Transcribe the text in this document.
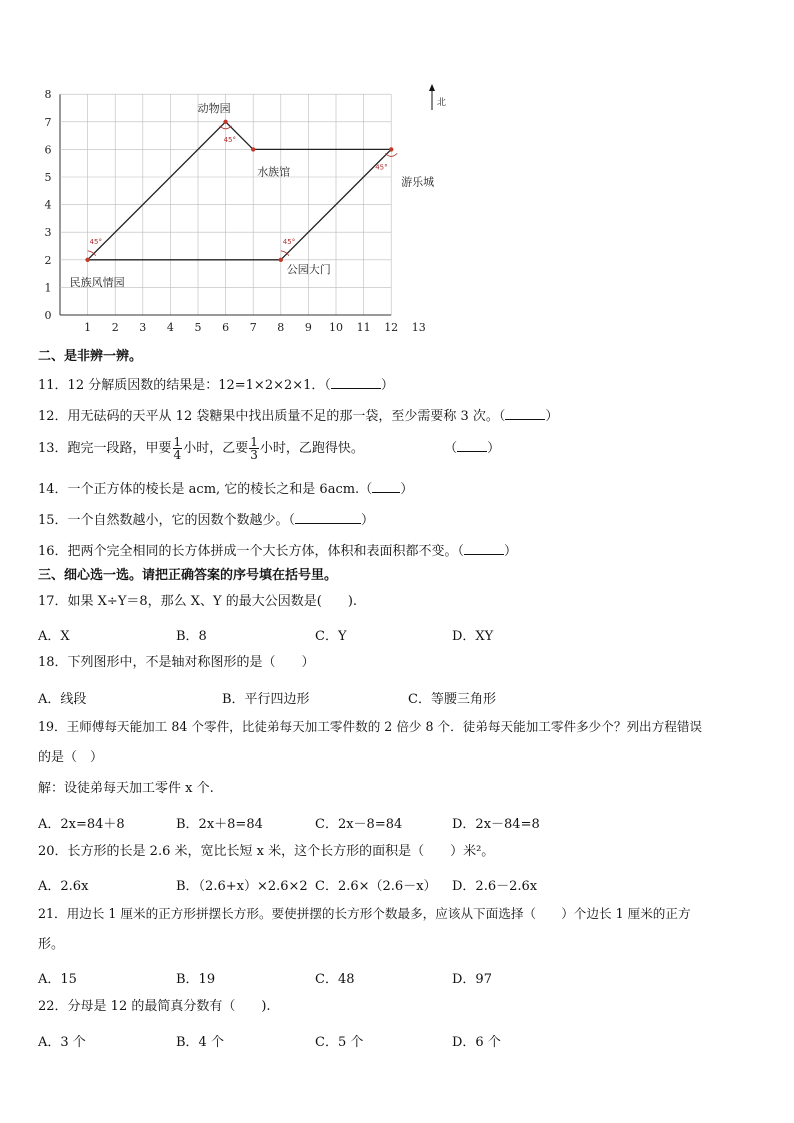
1 2 3 4 5 6 7 8 9 10 11 12 13
0
1
2
3
4
5
6
7
8
动物园
水族馆
游乐城
民族风情园
公园大门
45°
45°
45°	45°
北
二、是非辨一辨。
11．12 分解质因数的结果是：12=1×2×2×1．（	）
12．用无砝码的天平从 12 袋糖果中找出质量不足的那一袋，至少需要称 3 次。（	）
13．跑完一段路，甲要 $\frac{1}{4}$ 小时，乙要 $\frac{1}{3}$ 小时，乙跑得快。	（ ）
14．一个正方体的棱长是 acm, 它的棱长之和是 6acm.（ ）
15．一个自然数越小，它的因数个数越少。（	）
16．把两个完全相同的长方体拼成一个大长方体，体积和表面积都不变。（	）
三、细心选一选。请把正确答案的序号填在括号里。
17．如果 X÷Y＝8，那么 X、Y 的最大公因数是(　　).
A．X	B．8	C．Y	D．XY
18．下列图形中，不是轴对称图形的是（　　）
A．线段	B．平行四边形	C．等腰三角形
19．王师傅每天能加工 84 个零件，比徒弟每天加工零件数的 2 倍少 8 个．徒弟每天能加工零件多少个？列出方程错误
的是（　）
解：设徒弟每天加工零件 x 个.
A．2x=84＋8	B．2x＋8=84	C．2x－8=84	D．2x－84=8
20．长方形的长是 2.6 米，宽比长短 x 米，这个长方形的面积是（　　）米²。
A．2.6x	B．（2.6+x）×2.6×2 C．2.6×（2.6－x） D．2.6－2.6x
21．用边长 1 厘米的正方形拼摆长方形。要使拼摆的长方形个数最多，应该从下面选择（　　）个边长 1 厘米的正方
形。
A．15	B．19	C．48	D．97
22．分母是 12 的最简真分数有（　　).
A．3 个	B．4 个	C．5 个	D．6 个
